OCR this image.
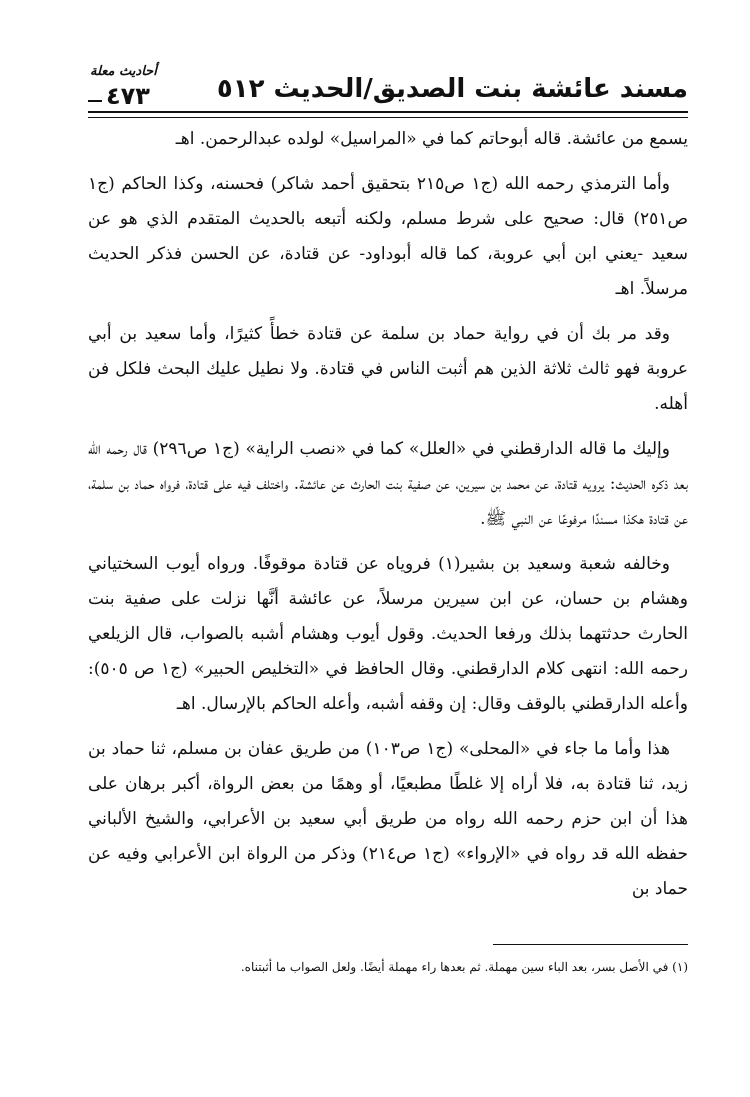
مسند عائشة بنت الصديق/الحديث ٥١٢
أحاديث معلة
٤٧٣

يسمع من عائشة. قاله أبوحاتم كما في «المراسيل» لولده عبدالرحمن. اهـ

وأما الترمذي رحمه الله (ج١ ص٢١٥ بتحقيق أحمد شاكر) فحسنه، وكذا الحاكم (ج١ ص٢٥١) قال: صحيح على شرط مسلم، ولكنه أتبعه بالحديث المتقدم الذي هو عن سعيد -يعني ابن أبي عروبة، كما قاله أبوداود- عن قتادة، عن الحسن فذكر الحديث مرسلاً. اهـ

وقد مر بك أن في رواية حماد بن سلمة عن قتادة خطأً كثيرًا، وأما سعيد بن أبي عروبة فهو ثالث ثلاثة الذين هم أثبت الناس في قتادة. ولا نطيل عليك البحث فلكل فن أهله.

وإليك ما قاله الدارقطني في «العلل» كما في «نصب الراية» (ج١ ص٢٩٦) قال رحمه الله بعد ذكره الحديث: يرويه قتادة، عن محمد بن سيرين، عن صفية بنت الحارث عن عائشة. واختلف فيه على قتادة، فرواه حماد بن سلمة، عن قتادة هكذا مسندًا مرفوعًا عن النبي ﷺ.

وخالفه شعبة وسعيد بن بشير(١) فروياه عن قتادة موقوفًا. ورواه أيوب السختياني وهشام بن حسان، عن ابن سيرين مرسلاً، عن عائشة أنَّها نزلت على صفية بنت الحارث حدثتهما بذلك ورفعا الحديث. وقول أيوب وهشام أشبه بالصواب، قال الزيلعي رحمه الله: انتهى كلام الدارقطني. وقال الحافظ في «التخليص الحبير» (ج١ ص ٥٠٥): وأعله الدارقطني بالوقف وقال: إن وقفه أشبه، وأعله الحاكم بالإرسال. اهـ

هذا وأما ما جاء في «المحلى» (ج١ ص١٠٣) من طريق عفان بن مسلم، ثنا حماد بن زيد، ثنا قتادة به، فلا أراه إلا غلطًا مطبعيًا، أو وهمًا من بعض الرواة، أكبر برهان على هذا أن ابن حزم رحمه الله رواه من طريق أبي سعيد بن الأعرابي، والشيخ الألباني حفظه الله قد رواه في «الإرواء» (ج١ ص٢١٤) وذكر من الرواة ابن الأعرابي وفيه عن حماد بن

(١) في الأصل بسر، بعد الباء سين مهملة. ثم بعدها راء مهملة أيضًا. ولعل الصواب ما أثبتناه.
